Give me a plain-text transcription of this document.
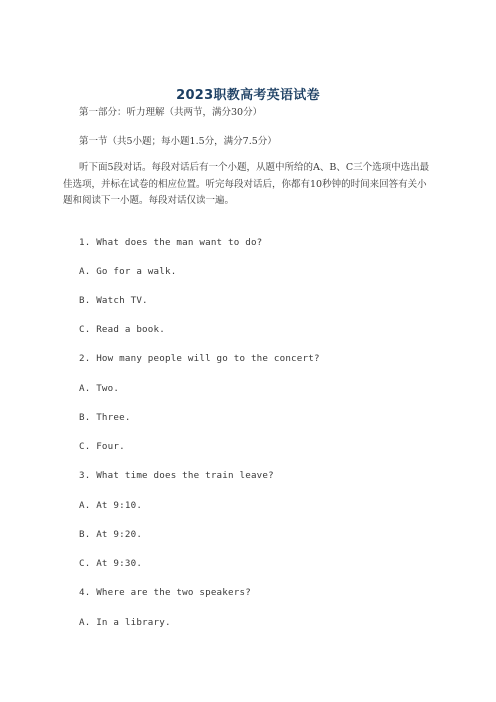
2023职教高考英语试卷
第一部分：听力理解（共两节，满分30分）
第一节（共5小题；每小题1.5分，满分7.5分）
听下面5段对话。每段对话后有一个小题，从题中所给的A、B、C三个选项中选出最佳选项，并标在试卷的相应位置。听完每段对话后，你都有10秒钟的时间来回答有关小题和阅读下一小题。每段对话仅读一遍。
1. What does the man want to do?
A. Go for a walk.
B. Watch TV.
C. Read a book.
2. How many people will go to the concert?
A. Two.
B. Three.
C. Four.
3. What time does the train leave?
A. At 9:10.
B. At 9:20.
C. At 9:30.
4. Where are the two speakers?
A. In a library.
